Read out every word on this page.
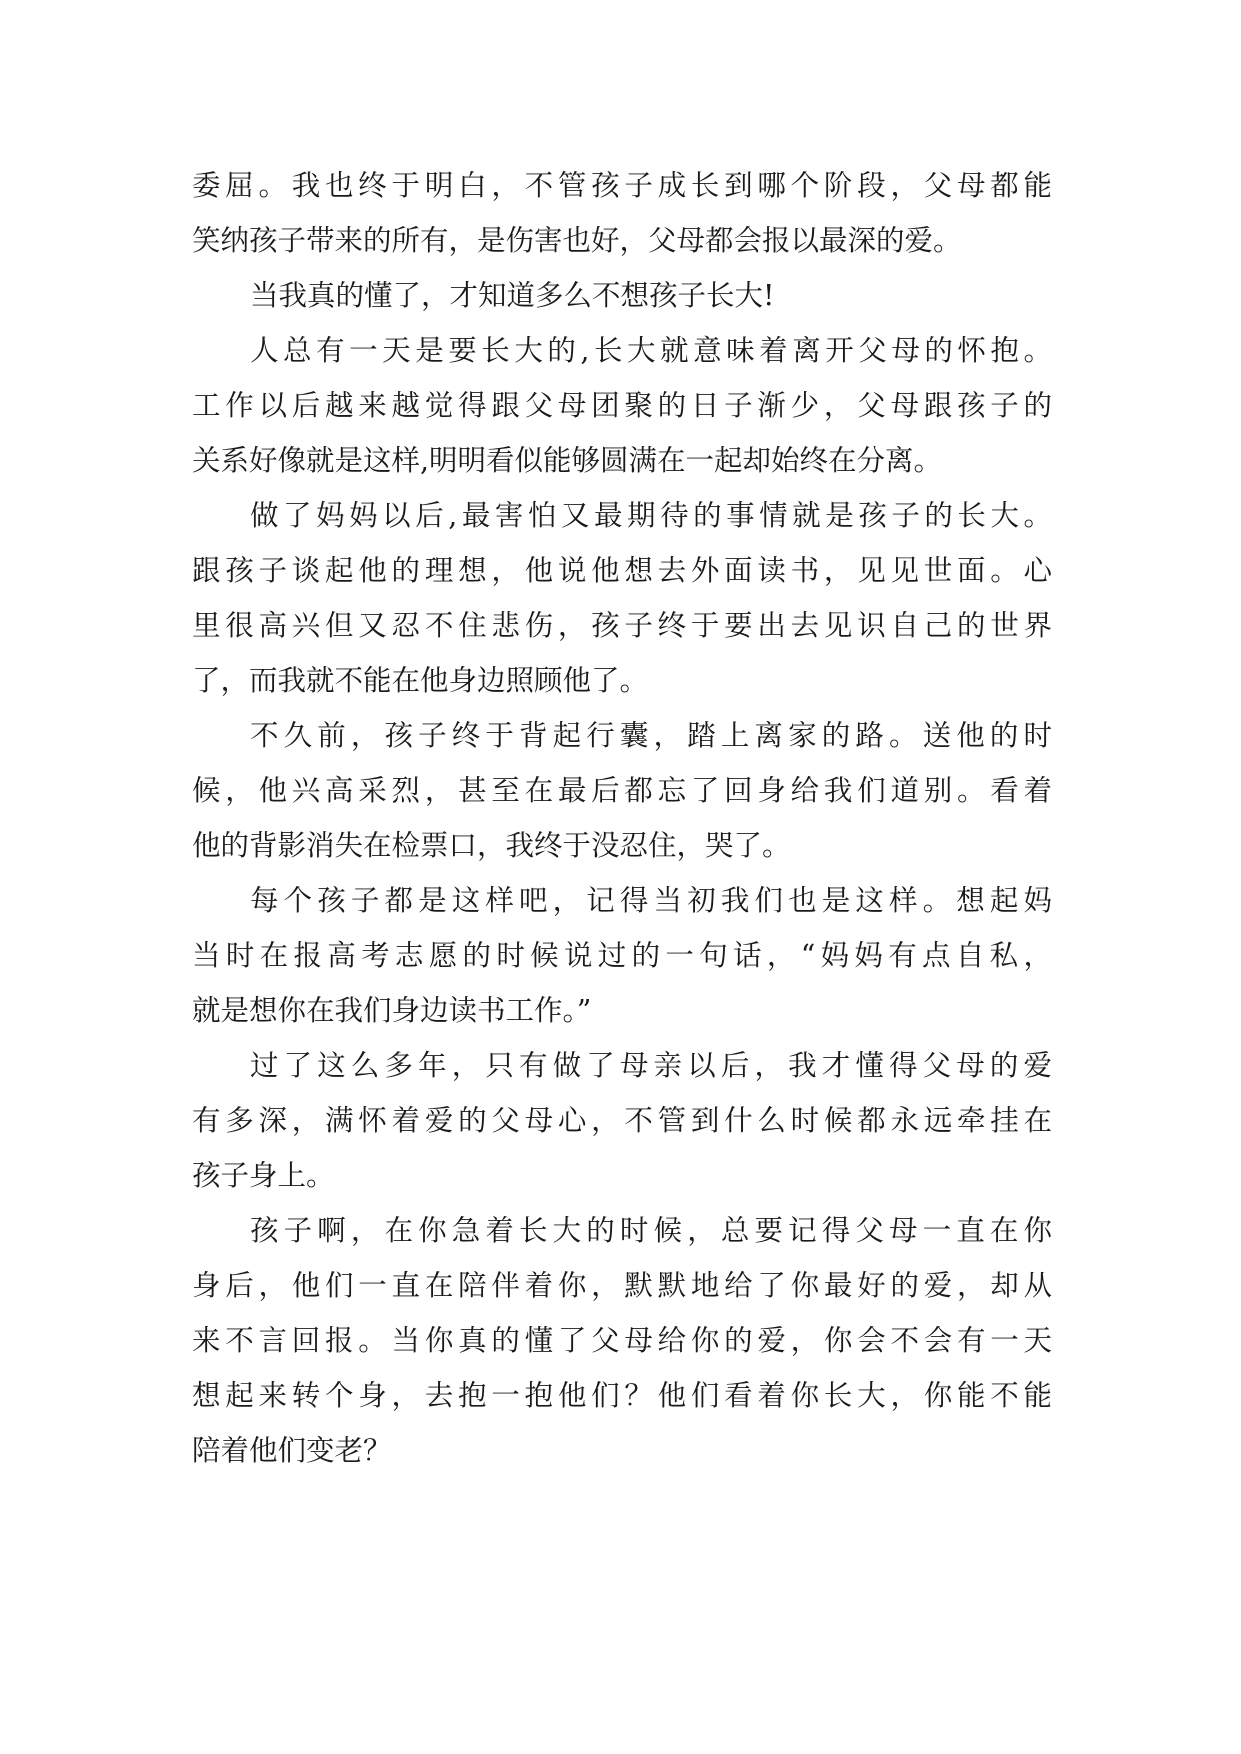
委屈。我也终于明白，不管孩子成长到哪个阶段，父母都能
笑纳孩子带来的所有，是伤害也好，父母都会报以最深的爱。

当我真的懂了，才知道多么不想孩子长大!

人总有一天是要长大的,长大就意味着离开父母的怀抱。
工作以后越来越觉得跟父母团聚的日子渐少，父母跟孩子的
关系好像就是这样,明明看似能够圆满在一起却始终在分离。

做了妈妈以后,最害怕又最期待的事情就是孩子的长大。
跟孩子谈起他的理想，他说他想去外面读书，见见世面。心
里很高兴但又忍不住悲伤，孩子终于要出去见识自己的世界
了，而我就不能在他身边照顾他了。

不久前，孩子终于背起行囊，踏上离家的路。送他的时
候，他兴高采烈，甚至在最后都忘了回身给我们道别。看着
他的背影消失在检票口，我终于没忍住，哭了。

每个孩子都是这样吧，记得当初我们也是这样。想起妈
当时在报高考志愿的时候说过的一句话，“妈妈有点自私，
就是想你在我们身边读书工作。”

过了这么多年，只有做了母亲以后，我才懂得父母的爱
有多深，满怀着爱的父母心，不管到什么时候都永远牵挂在
孩子身上。

孩子啊，在你急着长大的时候，总要记得父母一直在你
身后，他们一直在陪伴着你，默默地给了你最好的爱，却从
来不言回报。当你真的懂了父母给你的爱，你会不会有一天
想起来转个身，去抱一抱他们？他们看着你长大，你能不能
陪着他们变老？
